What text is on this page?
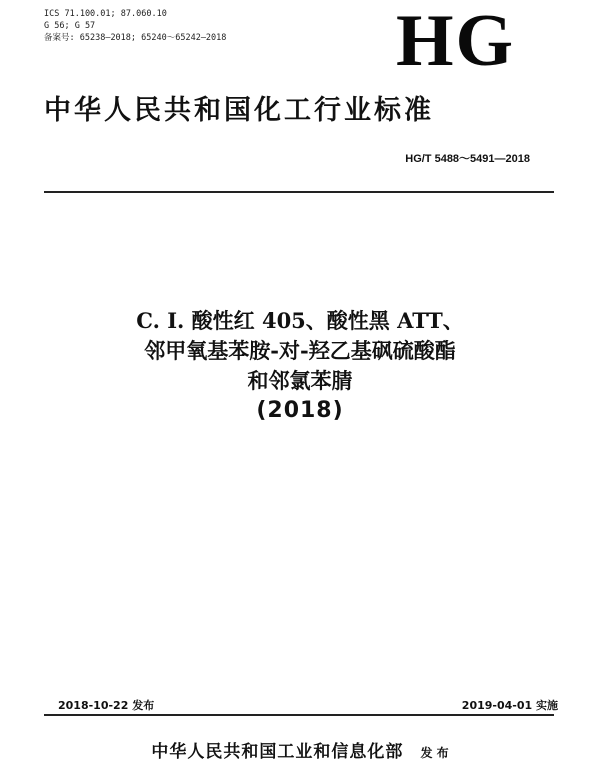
ICS 71.100.01; 87.060.10
G 56; G 57
备案号: 65238—2018; 65240～65242—2018 HG
中华人民共和国化工行业标准
HG/T 5488～5491—2018
C. I. 酸性红 405、酸性黑 ATT、
邻甲氧基苯胺-对-羟乙基砜硫酸酯
和邻氯苯腈
(2018)
2018-10-22 发布	2019-04-01 实施
中华人民共和国工业和信息化部 发 布
